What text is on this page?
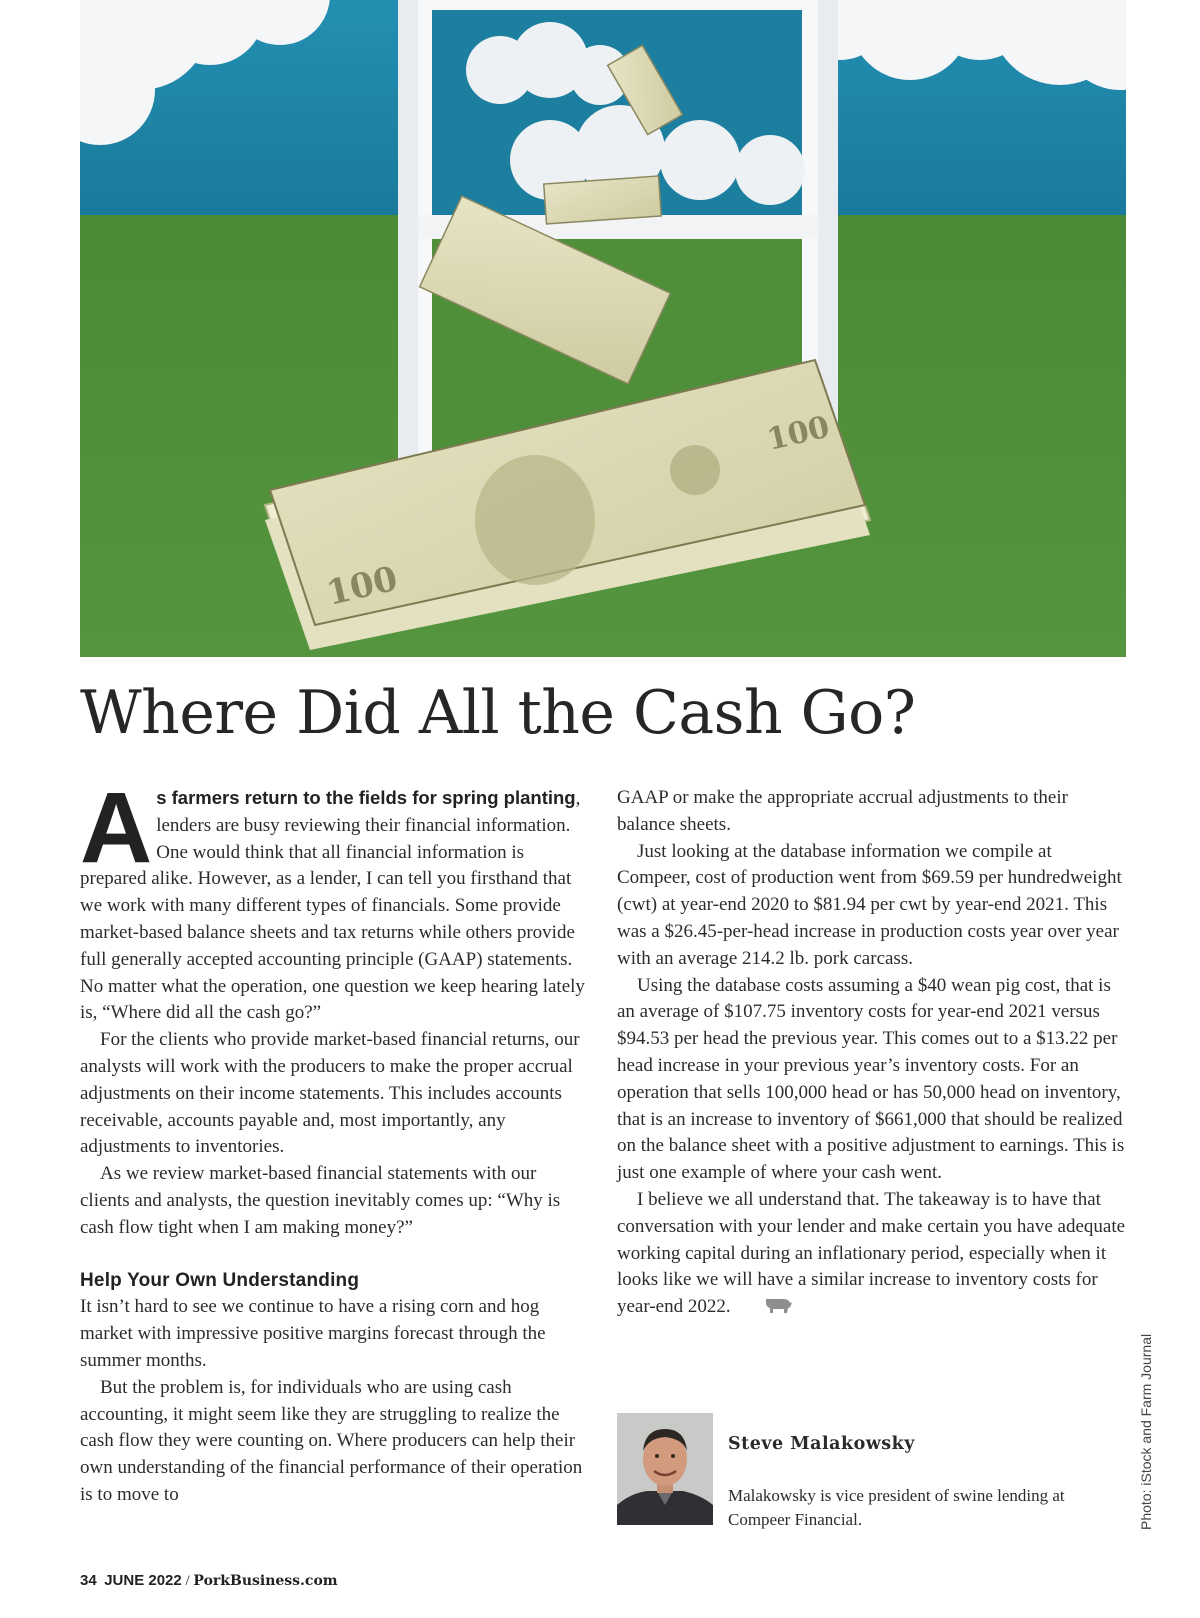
100
100
Where Did All the Cash Go?

As farmers return to the fields for spring planting, lenders are busy reviewing their financial information. One would think that all financial information is prepared alike. However, as a lender, I can tell you firsthand that we work with many different types of financials. Some provide market-based balance sheets and tax returns while others provide full generally accepted accounting principle (GAAP) statements. No matter what the operation, one question we keep hearing lately is, “Where did all the cash go?”

For the clients who provide market-based financial returns, our analysts will work with the producers to make the proper accrual adjustments on their income statements. This includes accounts receivable, accounts payable and, most importantly, any adjustments to inventories.

As we review market-based financial statements with our clients and analysts, the question inevitably comes up: “Why is cash flow tight when I am making money?”

Help Your Own Understanding

It isn’t hard to see we continue to have a rising corn and hog market with impressive positive margins forecast through the summer months.

But the problem is, for individuals who are using cash accounting, it might seem like they are struggling to realize the cash flow they were counting on. Where producers can help their own understanding of the financial performance of their operation is to move to

GAAP or make the appropriate accrual adjustments to their balance sheets.

Just looking at the database information we compile at Compeer, cost of production went from $69.59 per hundredweight (cwt) at year-end 2020 to $81.94 per cwt by year-end 2021. This was a $26.45-per-head increase in production costs year over year with an average 214.2 lb. pork carcass.

Using the database costs assuming a $40 wean pig cost, that is an average of $107.75 inventory costs for year-end 2021 versus $94.53 per head the previous year. This comes out to a $13.22 per head increase in your previous year’s inventory costs. For an operation that sells 100,000 head or has 50,000 head on inventory, that is an increase to inventory of $661,000 that should be realized on the balance sheet with a positive adjustment to earnings. This is just one example of where your cash went.

I believe we all understand that. The takeaway is to have that conversation with your lender and make certain you have adequate working capital during an inflationary period, especially when it looks like we will have a similar increase to inventory costs for year-end 2022.

Steve Malakowsky
Malakowsky is vice president of swine lending at Compeer Financial.	Photo: iStock and Farm Journal
34 JUNE 2022 / PorkBusiness.com
